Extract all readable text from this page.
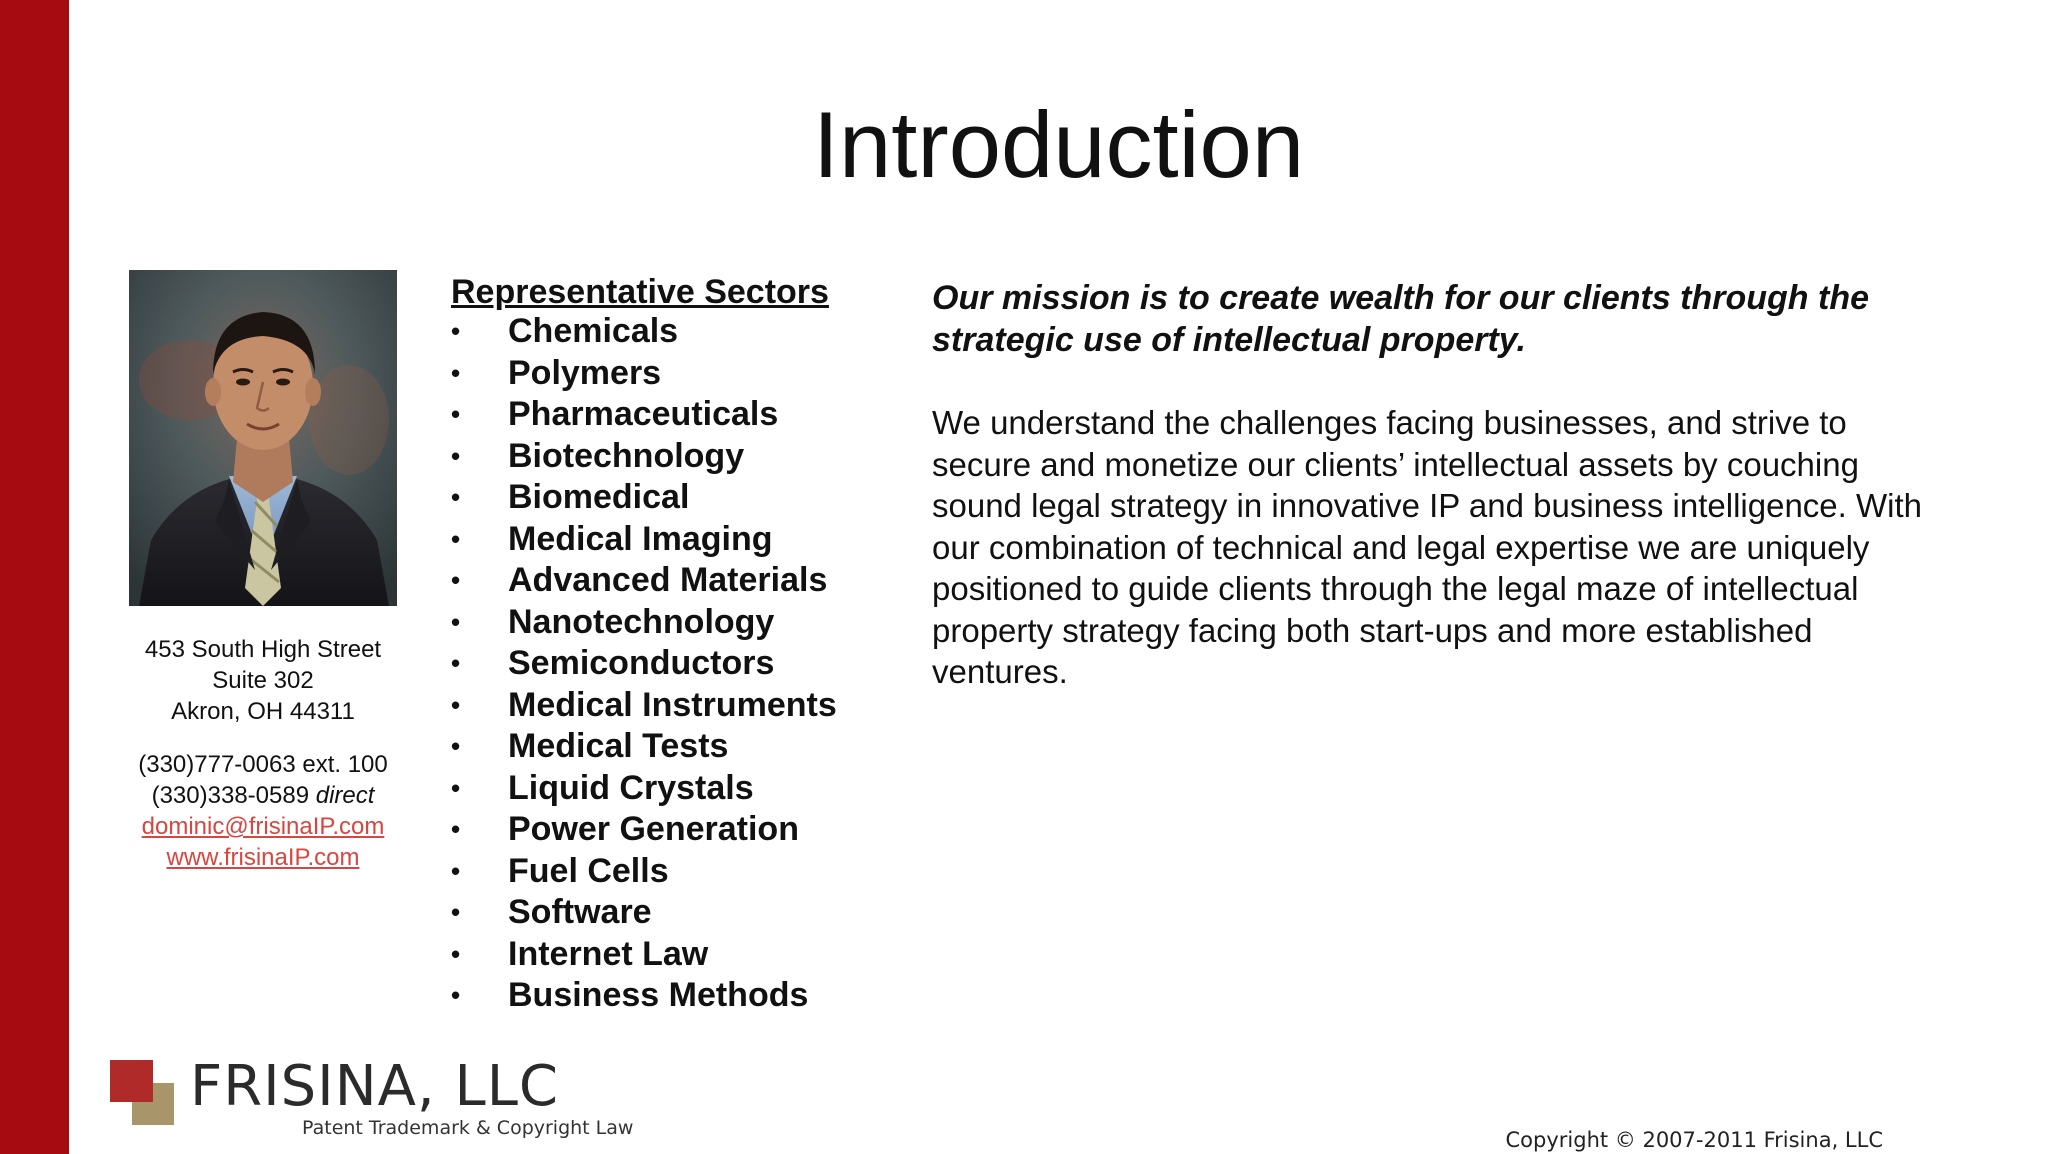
Introduction
453 South High Street
Suite 302
Akron, OH 44311
(330)777-0063 ext. 100
(330)338-0589 direct
dominic@frisinaIP.com
www.frisinaIP.com
Representative Sectors
• Chemicals
• Polymers
• Pharmaceuticals
• Biotechnology
• Biomedical
• Medical Imaging
• Advanced Materials
• Nanotechnology
• Semiconductors
• Medical Instruments
• Medical Tests
• Liquid Crystals
• Power Generation
• Fuel Cells
• Software
• Internet Law
• Business Methods

Our mission is to create wealth for our clients through the strategic use of intellectual property.

We understand the challenges facing businesses, and strive to secure and monetize our clients’ intellectual assets by couching sound legal strategy in innovative IP and business intelligence. With our combination of technical and legal expertise we are uniquely positioned to guide clients through the legal maze of intellectual property strategy facing both start-ups and more established ventures.

FRISINA, LLC
Patent Trademark & Copyright Law	Copyright © 2007-2011 Frisina, LLC
